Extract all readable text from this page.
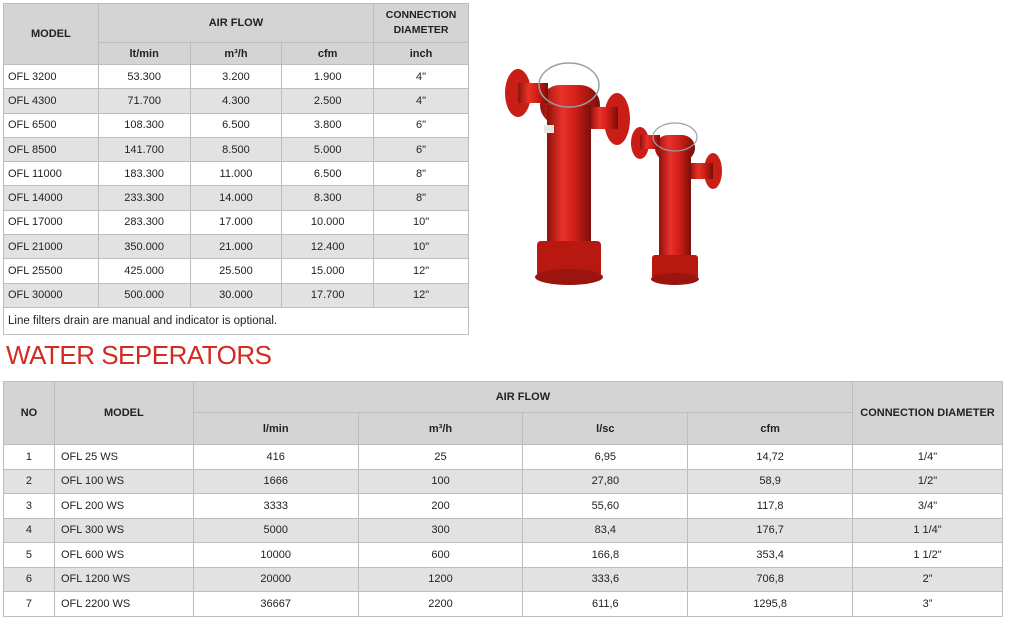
MODEL	AIR FLOW			CONNECTION DIAMETER
	lt/min	m³/h	cfm	inch
OFL 3200	53.300	3.200	1.900	4"
OFL 4300	71.700	4.300	2.500	4"
OFL 6500	108.300	6.500	3.800	6"
OFL 8500	141.700	8.500	5.000	6"
OFL 11000	183.300	11.000	6.500	8"
OFL 14000	233.300	14.000	8.300	8"
OFL 17000	283.300	17.000	10.000	10"
OFL 21000	350.000	21.000	12.400	10"
OFL 25500	425.000	25.500	15.000	12"
OFL 30000	500.000	30.000	17.700	12"
Line filters drain are manual and indicator is optional.				
WATER SEPERATORS
NO	MODEL	AIR FLOW				CONNECTION DIAMETER
		l/min	m³/h	l/sc	cfm	
1	OFL 25 WS	416	25	6,95	14,72	1/4"
2	OFL 100 WS	1666	100	27,80	58,9	1/2"
3	OFL 200 WS	3333	200	55,60	117,8	3/4"
4	OFL 300 WS	5000	300	83,4	176,7	1 1/4"
5	OFL 600 WS	10000	600	166,8	353,4	1 1/2"
6	OFL 1200 WS	20000	1200	333,6	706,8	2”
7	OFL 2200 WS	36667	2200	611,6	1295,8	3”
